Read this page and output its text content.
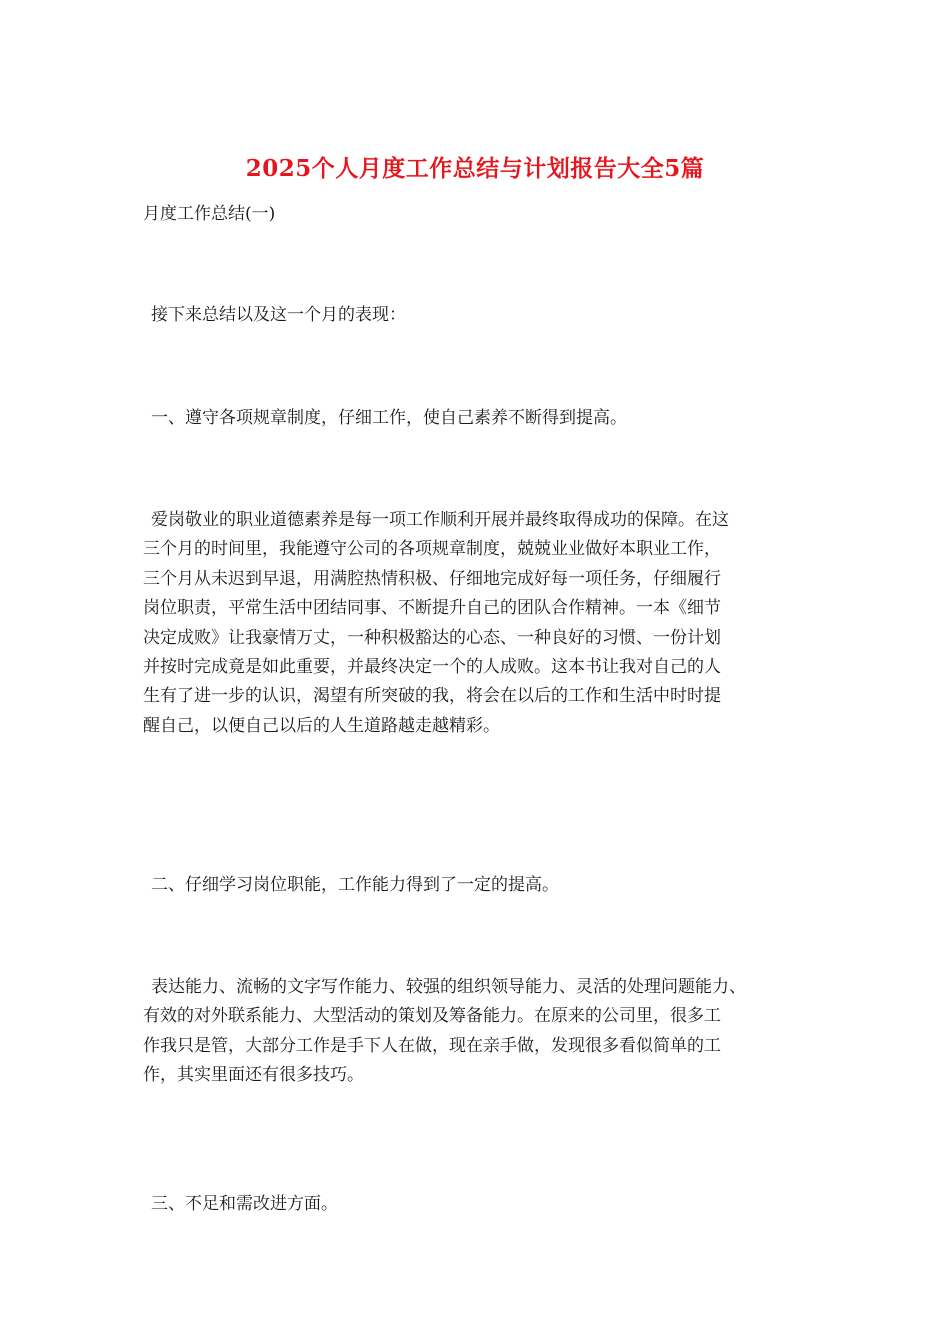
2025个人月度工作总结与计划报告大全5篇
月度工作总结(一)
接下来总结以及这一个月的表现：
一、遵守各项规章制度，仔细工作，使自己素养不断得到提高。
爱岗敬业的职业道德素养是每一项工作顺利开展并最终取得成功的保障。在这
三个月的时间里，我能遵守公司的各项规章制度，兢兢业业做好本职业工作，
三个月从未迟到早退，用满腔热情积极、仔细地完成好每一项任务，仔细履行
岗位职责，平常生活中团结同事、不断提升自己的团队合作精神。一本《细节
决定成败》让我豪情万丈，一种积极豁达的心态、一种良好的习惯、一份计划
并按时完成竟是如此重要，并最终决定一个的人成败。这本书让我对自己的人
生有了进一步的认识，渴望有所突破的我，将会在以后的工作和生活中时时提
醒自己，以便自己以后的人生道路越走越精彩。
二、仔细学习岗位职能，工作能力得到了一定的提高。
表达能力、流畅的文字写作能力、较强的组织领导能力、灵活的处理问题能力、
有效的对外联系能力、大型活动的策划及筹备能力。在原来的公司里，很多工
作我只是管，大部分工作是手下人在做，现在亲手做，发现很多看似简单的工
作，其实里面还有很多技巧。
三、不足和需改进方面。
